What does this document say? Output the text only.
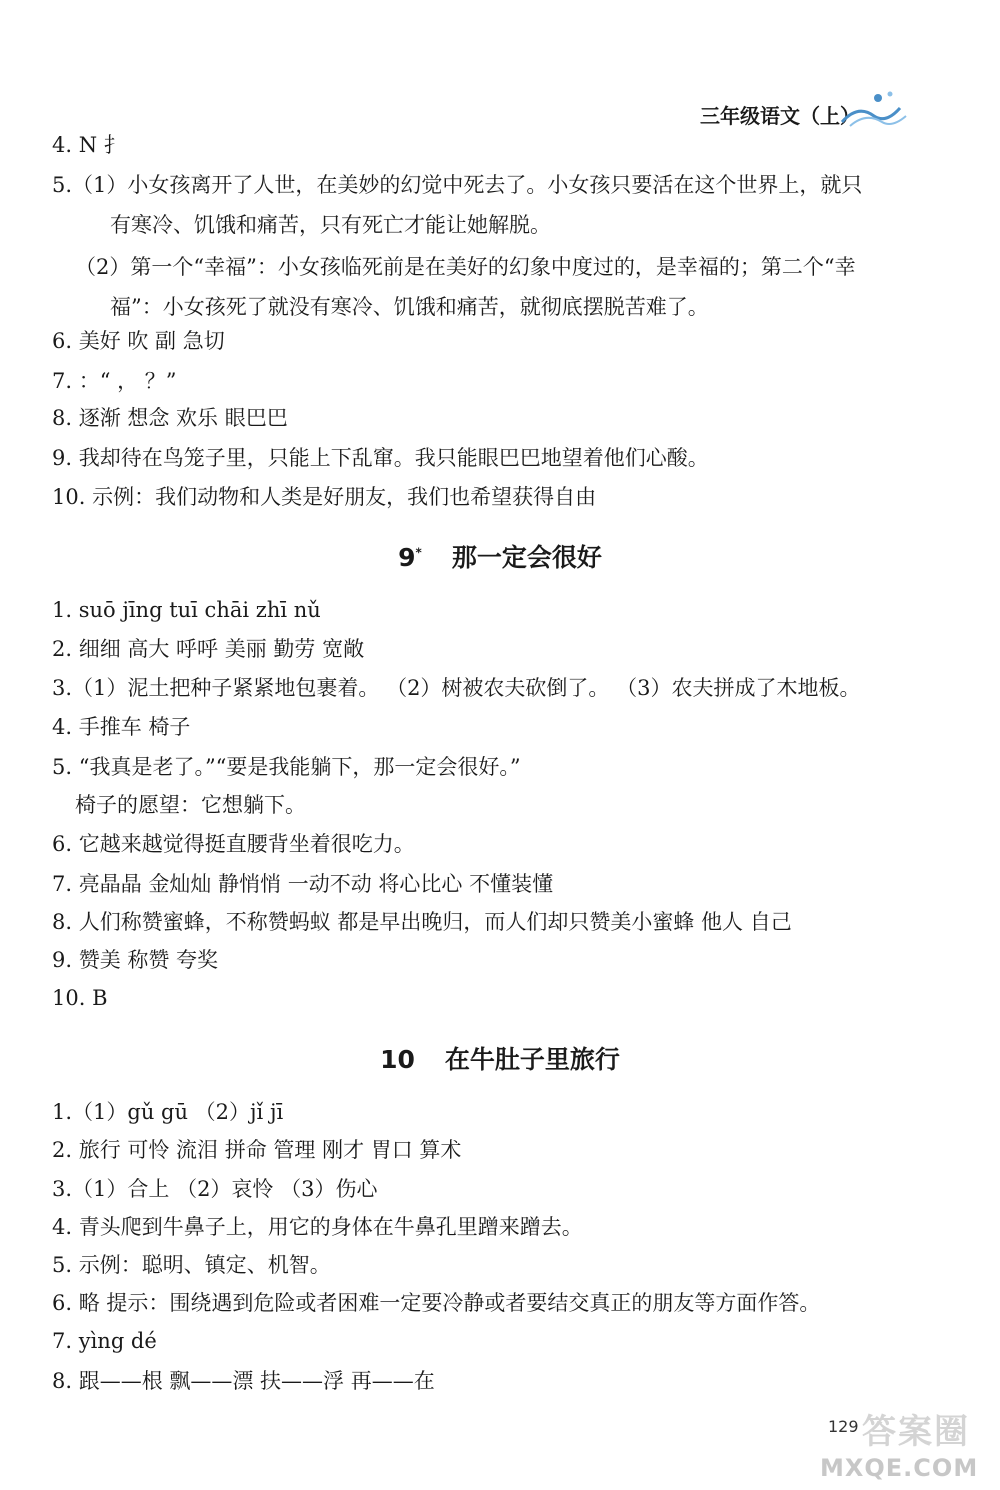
三年级语文（上）
4. N 扌
5.（1）小女孩离开了人世，在美妙的幻觉中死去了。小女孩只要活在这个世界上，就只
有寒冷、饥饿和痛苦，只有死亡才能让她解脱。
（2）第一个“幸福”：小女孩临死前是在美好的幻象中度过的，是幸福的；第二个“幸
福”：小女孩死了就没有寒冷、饥饿和痛苦，就彻底摆脱苦难了。
6. 美好 吹 副 急切
7. ：“ ， ？”
8. 逐渐 想念 欢乐 眼巴巴
9. 我却待在鸟笼子里，只能上下乱窜。我只能眼巴巴地望着他们心酸。
10. 示例：我们动物和人类是好朋友，我们也希望获得自由
9* 那一定会很好
1. suō jīng tuī chāi zhī nǔ
2. 细细 高大 呼呼 美丽 勤劳 宽敞
3.（1）泥土把种子紧紧地包裹着。 （2）树被农夫砍倒了。 （3）农夫拼成了木地板。
4. 手推车 椅子
5. “我真是老了。”“要是我能躺下，那一定会很好。”
椅子的愿望：它想躺下。
6. 它越来越觉得挺直腰背坐着很吃力。
7. 亮晶晶 金灿灿 静悄悄 一动不动 将心比心 不懂装懂
8. 人们称赞蜜蜂，不称赞蚂蚁 都是早出晚归，而人们却只赞美小蜜蜂 他人 自己
9. 赞美 称赞 夸奖
10. B
10 在牛肚子里旅行
1.（1）gǔ gū （2）jǐ jī
2. 旅行 可怜 流泪 拼命 管理 刚才 胃口 算术
3.（1）合上 （2）哀怜 （3）伤心
4. 青头爬到牛鼻子上，用它的身体在牛鼻孔里蹭来蹭去。
5. 示例：聪明、镇定、机智。
6. 略 提示：围绕遇到危险或者困难一定要冷静或者要结交真正的朋友等方面作答。
7. yìng dé
8. 跟——根 飘——漂 扶——浮 再——在
129 答案圈
MXQE.COM
